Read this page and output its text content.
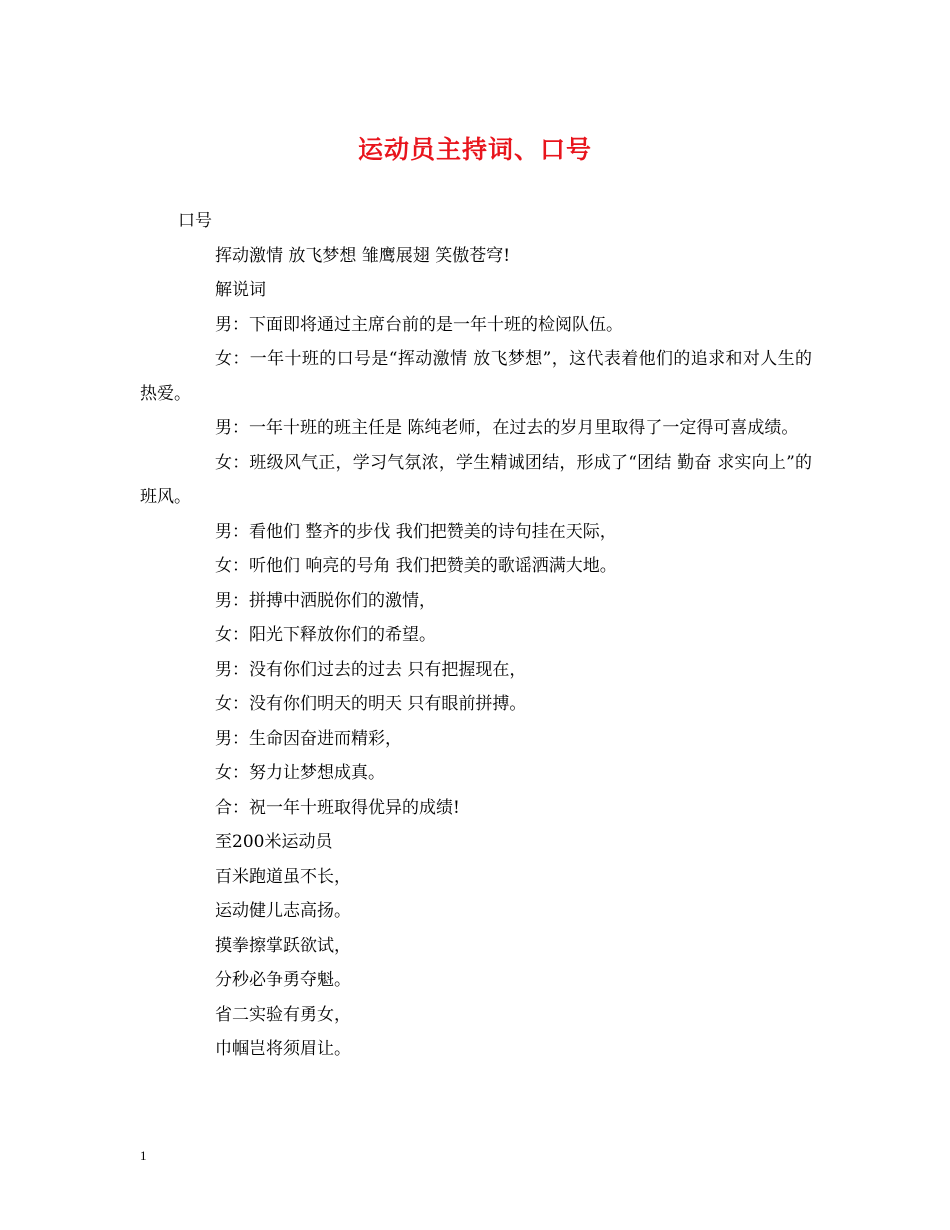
运动员主持词、口号

口号

挥动激情 放飞梦想 雏鹰展翅 笑傲苍穹!

解说词

男：下面即将通过主席台前的是一年十班的检阅队伍。

女：一年十班的口号是“挥动激情 放飞梦想”，这代表着他们的追求和对人生的热爱。

男：一年十班的班主任是 陈纯老师，在过去的岁月里取得了一定得可喜成绩。

女：班级风气正，学习气氛浓，学生精诚团结，形成了“团结 勤奋 求实向上”的班风。

男：看他们 整齐的步伐 我们把赞美的诗句挂在天际，

女：听他们 响亮的号角 我们把赞美的歌谣洒满大地。

男：拼搏中洒脱你们的激情，

女：阳光下释放你们的希望。

男：没有你们过去的过去 只有把握现在，

女：没有你们明天的明天 只有眼前拼搏。

男：生命因奋进而精彩，

女：努力让梦想成真。

合：祝一年十班取得优异的成绩!

至200米运动员

百米跑道虽不长，

运动健儿志高扬。

摸拳擦掌跃欲试，

分秒必争勇夺魁。

省二实验有勇女，

巾帼岂将须眉让。

1
